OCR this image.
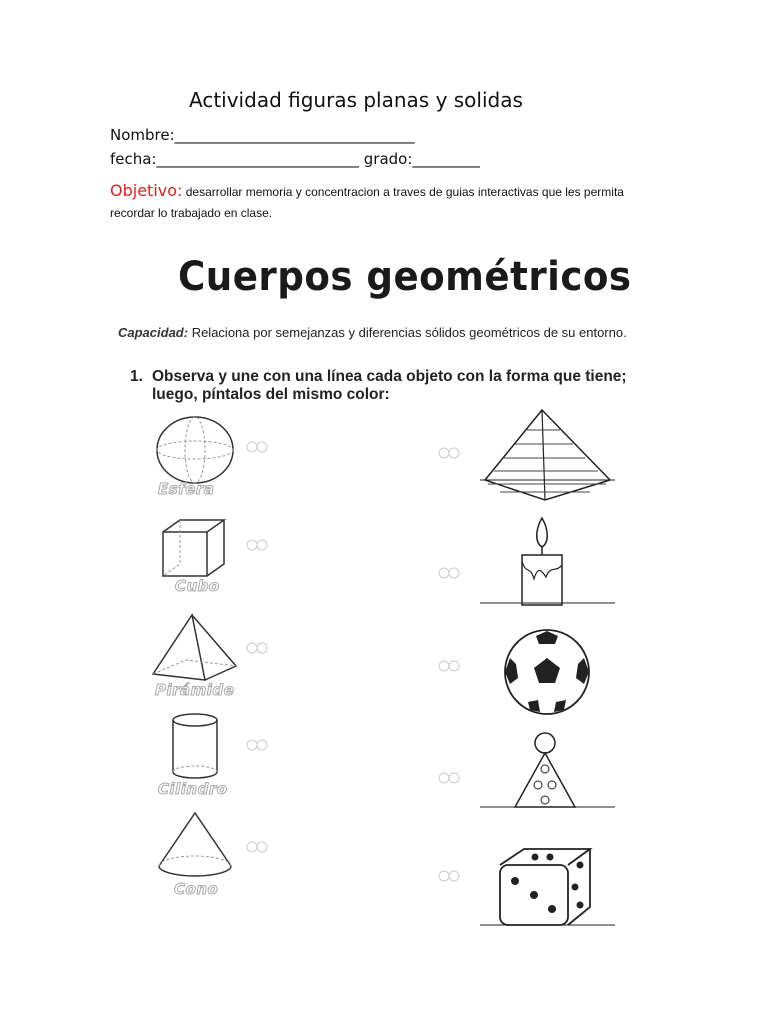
Actividad figuras planas y solidas
Nombre:________________________________
fecha:___________________________ grado:_________
Objetivo: desarrollar memoria y concentracion a traves de guias interactivas que les permita recordar lo trabajado en clase.
Cuerpos geométricos
Capacidad: Relaciona por semejanzas y diferencias sólidos geométricos de su entorno.
1. Observa y une con una línea cada objeto con la forma que tiene;
luego, píntalos del mismo color:
Esfera
Cubo
Pirámide
Cilindro
Cono
